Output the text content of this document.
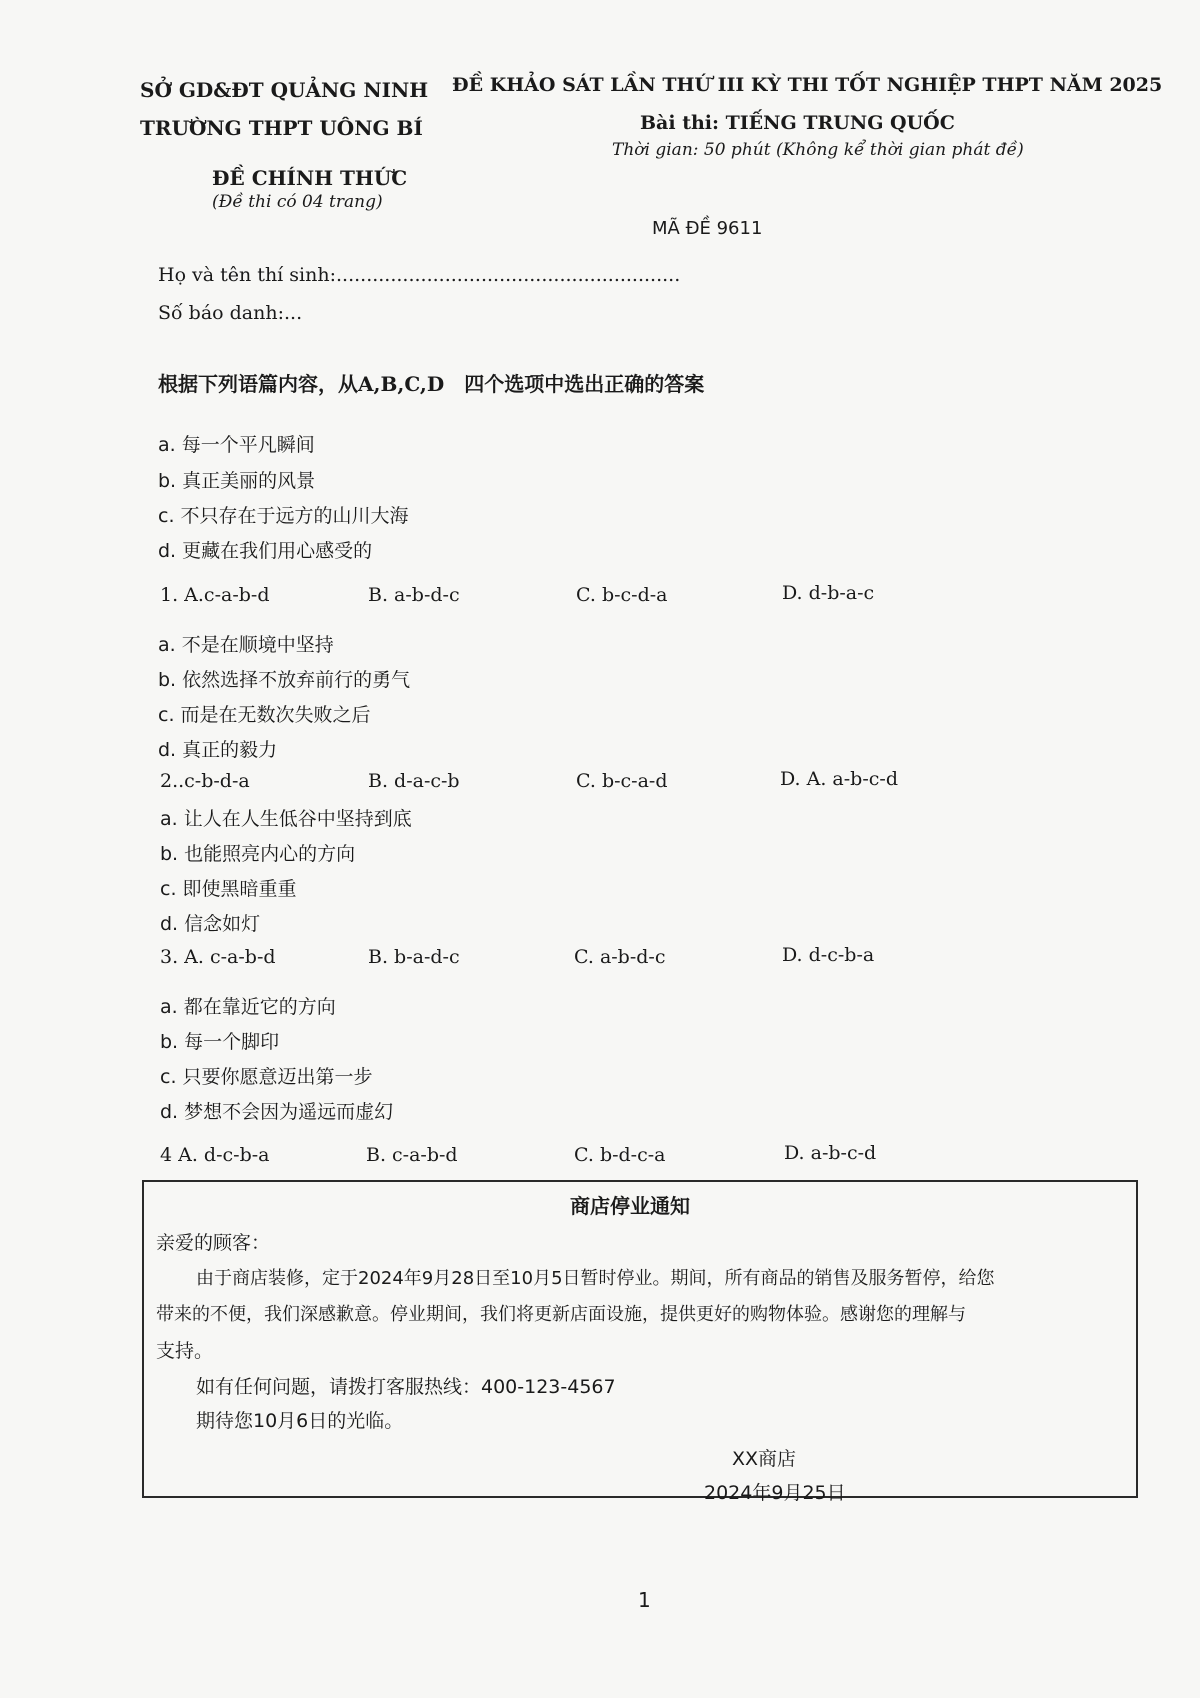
SỞ GD&ĐT QUẢNG NINH
TRƯỜNG THPT UÔNG BÍ
ĐỀ CHÍNH THỨC
(Đề thi có 04 trang)
ĐỀ KHẢO SÁT LẦN THỨ III KỲ THI TỐT NGHIỆP THPT NĂM 2025
Bài thi: TIẾNG TRUNG QUỐC
Thời gian: 50 phút (Không kể thời gian phát đề)
MÃ ĐỀ 9611
Họ và tên thí sinh:.........................................................
Số báo danh:...
根据下列语篇内容，从A,B,C,D　四个选项中选出正确的答案
a. 每一个平凡瞬间
b. 真正美丽的风景
c. 不只存在于远方的山川大海
d. 更藏在我们用心感受的
1. A.c-a-b-d	B. a-b-d-c	C. b-c-d-a	D. d-b-a-c
a. 不是在顺境中坚持
b. 依然选择不放弃前行的勇气
c. 而是在无数次失败之后
d. 真正的毅力
2..c-b-d-a	B. d-a-c-b	C. b-c-a-d	D. A. a-b-c-d
a. 让人在人生低谷中坚持到底
b. 也能照亮内心的方向
c. 即使黑暗重重
d. 信念如灯
3. A. c-a-b-d	B. b-a-d-c	C. a-b-d-c	D. d-c-b-a
a. 都在靠近它的方向
b. 每一个脚印
c. 只要你愿意迈出第一步
d. 梦想不会因为遥远而虚幻
4 A. d-c-b-a	B. c-a-b-d	C. b-d-c-a	D. a-b-c-d
商店停业通知
亲爱的顾客：
由于商店装修，定于2024年9月28日至10月5日暂时停业。期间，所有商品的销售及服务暂停，给您
带来的不便，我们深感歉意。停业期间，我们将更新店面设施，提供更好的购物体验。感谢您的理解与
支持。
如有任何问题，请拨打客服热线：400-123-4567
期待您10月6日的光临。
XX商店
2024年9月25日
1
